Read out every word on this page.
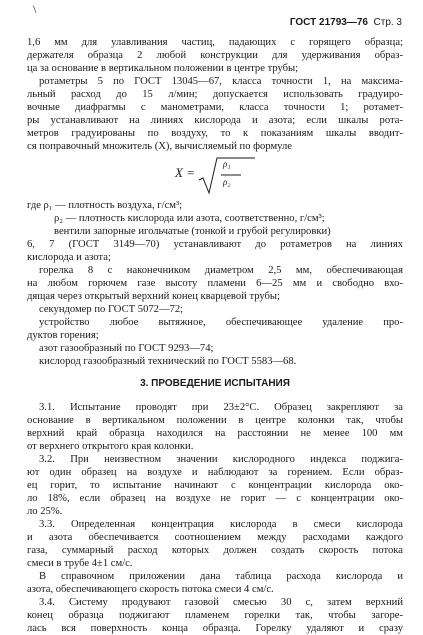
\
ГОСТ 21793—76 Стр. 3
1,6 мм для улавливания частиц, падающих с горящего образца;
держателя образца 2 любой конструкции для удерживания образ-
ца за основание в вертикальном положении в центре трубы;
ротаметры 5 по ГОСТ 13045—67, класса точности 1, на максима-
льный расход до 15 л/мин; допускается использовать градуиро-
вочные диафрагмы с манометрами, класса точности 1; ротамет-
ры устанавливают на линиях кислорода и азота; если шкалы рота-
метров градуированы по воздуху, то к показаниям шкалы вводит-
ся поправочный множитель (X), вычисляемый по формуле
X =
ρ₁
ρ₂
где ρ₁ — плотность воздуха, г/см³;
ρ₂ — плотность кислорода или азота, соответственно, г/см³;
вентили запорные игольчатые (тонкой и грубой регулировки)
6, 7 (ГОСТ 3149—70) устанавливают до ротаметров на линиях
кислорода и азота;
горелка 8 с наконечником диаметром 2,5 мм, обеспечивающая
на любом горючем газе высоту пламени 6—25 мм и свободно вхо-
дящая через открытый верхний конец кварцевой трубы;
секундомер по ГОСТ 5072—72;
устройство любое вытяжное, обеспечивающее удаление про-
дуктов горения;
азот газообразный по ГОСТ 9293—74;
кислород газообразный технический по ГОСТ 5583—68.
3. ПРОВЕДЕНИЕ ИСПЫТАНИЯ
3.1. Испытание проводят при 23±2°С. Образец закрепляют за
основание в вертикальном положении в центре колонки так, чтобы
верхний край образца находился на расстоянии не менее 100 мм
от верхнего открытого края колонки.
3.2. При неизвестном значении кислородного индекса поджига-
ют один образец на воздухе и наблюдают за горением. Если образ-
ец горит, то испытание начинают с концентрации кислорода око-
ло 18%, если образец на воздухе не горит — с концентрации око-
ло 25%.
3.3. Определенная концентрация кислорода в смеси кислорода
и азота обеспечивается соотношением между расходами каждого
газа, суммарный расход которых должен создать скорость потока
смеси в трубе 4±1 см/с.
В справочном приложении дана таблица расхода кислорода и
азота, обеспечивающего скорость потока смеси 4 см/с.
3.4. Систему продувают газовой смесью 30 с, затем верхний
конец образца поджигают пламенем горелки так, чтобы загоре-
лась вся поверхность конца образца. Горелку удаляют и сразу
